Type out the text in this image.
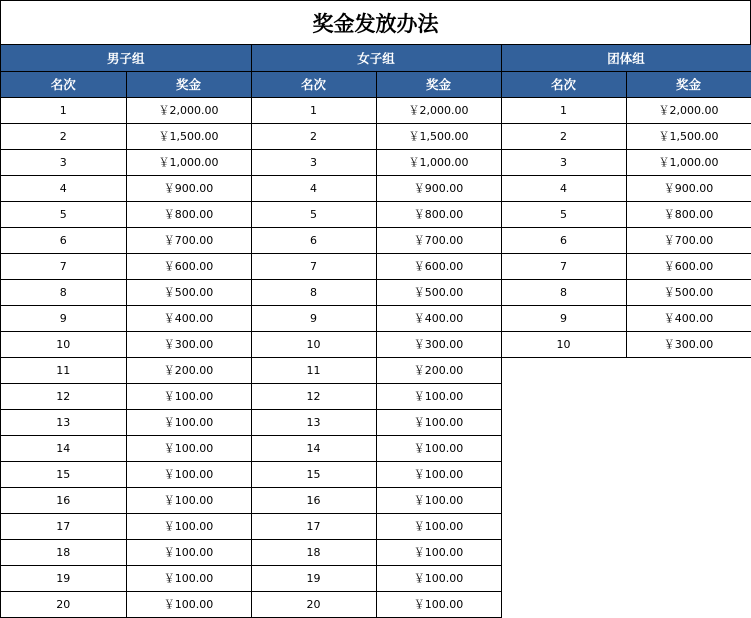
奖金发放办法
男子组		女子组		团体组	
名次	奖金	名次	奖金	名次	奖金
1	￥2,000.00	1	￥2,000.00	1	￥2,000.00
2	￥1,500.00	2	￥1,500.00	2	￥1,500.00
3	￥1,000.00	3	￥1,000.00	3	￥1,000.00
4	￥900.00	4	￥900.00	4	￥900.00
5	￥800.00	5	￥800.00	5	￥800.00
6	￥700.00	6	￥700.00	6	￥700.00
7	￥600.00	7	￥600.00	7	￥600.00
8	￥500.00	8	￥500.00	8	￥500.00
9	￥400.00	9	￥400.00	9	￥400.00
10	￥300.00	10	￥300.00	10	￥300.00
11	￥200.00	11	￥200.00		
12	￥100.00	12	￥100.00		
13	￥100.00	13	￥100.00		
14	￥100.00	14	￥100.00		
15	￥100.00	15	￥100.00		
16	￥100.00	16	￥100.00		
17	￥100.00	17	￥100.00		
18	￥100.00	18	￥100.00		
19	￥100.00	19	￥100.00		
20	￥100.00	20	￥100.00		
